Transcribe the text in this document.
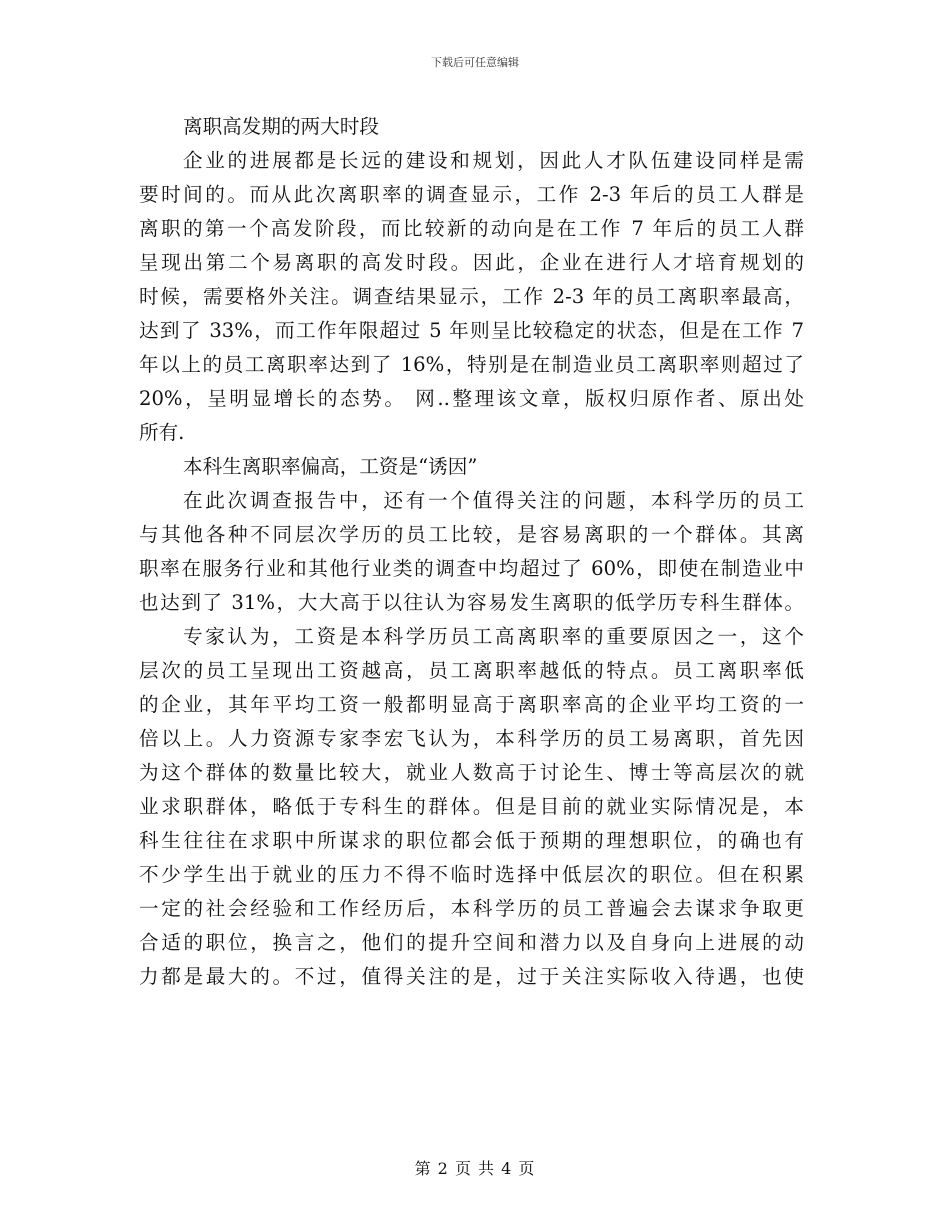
下载后可任意编辑
离职高发期的两大时段
企业的进展都是长远的建设和规划，因此人才队伍建设同样是需
要时间的。而从此次离职率的调查显示，工作 2-3 年后的员工人群是
离职的第一个高发阶段，而比较新的动向是在工作 7 年后的员工人群
呈现出第二个易离职的高发时段。因此，企业在进行人才培育规划的
时候，需要格外关注。调查结果显示，工作 2-3 年的员工离职率最高，
达到了 33%，而工作年限超过 5 年则呈比较稳定的状态，但是在工作 7
年以上的员工离职率达到了 16%，特别是在制造业员工离职率则超过了
20%，呈明显增长的态势。 网..整理该文章，版权归原作者、原出处
所有.
本科生离职率偏高，工资是“诱因”
在此次调查报告中，还有一个值得关注的问题，本科学历的员工
与其他各种不同层次学历的员工比较，是容易离职的一个群体。其离
职率在服务行业和其他行业类的调查中均超过了 60%，即使在制造业中
也达到了 31%，大大高于以往认为容易发生离职的低学历专科生群体。
专家认为，工资是本科学历员工高离职率的重要原因之一，这个
层次的员工呈现出工资越高，员工离职率越低的特点。员工离职率低
的企业，其年平均工资一般都明显高于离职率高的企业平均工资的一
倍以上。人力资源专家李宏飞认为，本科学历的员工易离职，首先因
为这个群体的数量比较大，就业人数高于讨论生、博士等高层次的就
业求职群体，略低于专科生的群体。但是目前的就业实际情况是，本
科生往往在求职中所谋求的职位都会低于预期的理想职位，的确也有
不少学生出于就业的压力不得不临时选择中低层次的职位。但在积累
一定的社会经验和工作经历后，本科学历的员工普遍会去谋求争取更
合适的职位，换言之，他们的提升空间和潜力以及自身向上进展的动
力都是最大的。不过，值得关注的是，过于关注实际收入待遇，也使
第 2 页 共 4 页
